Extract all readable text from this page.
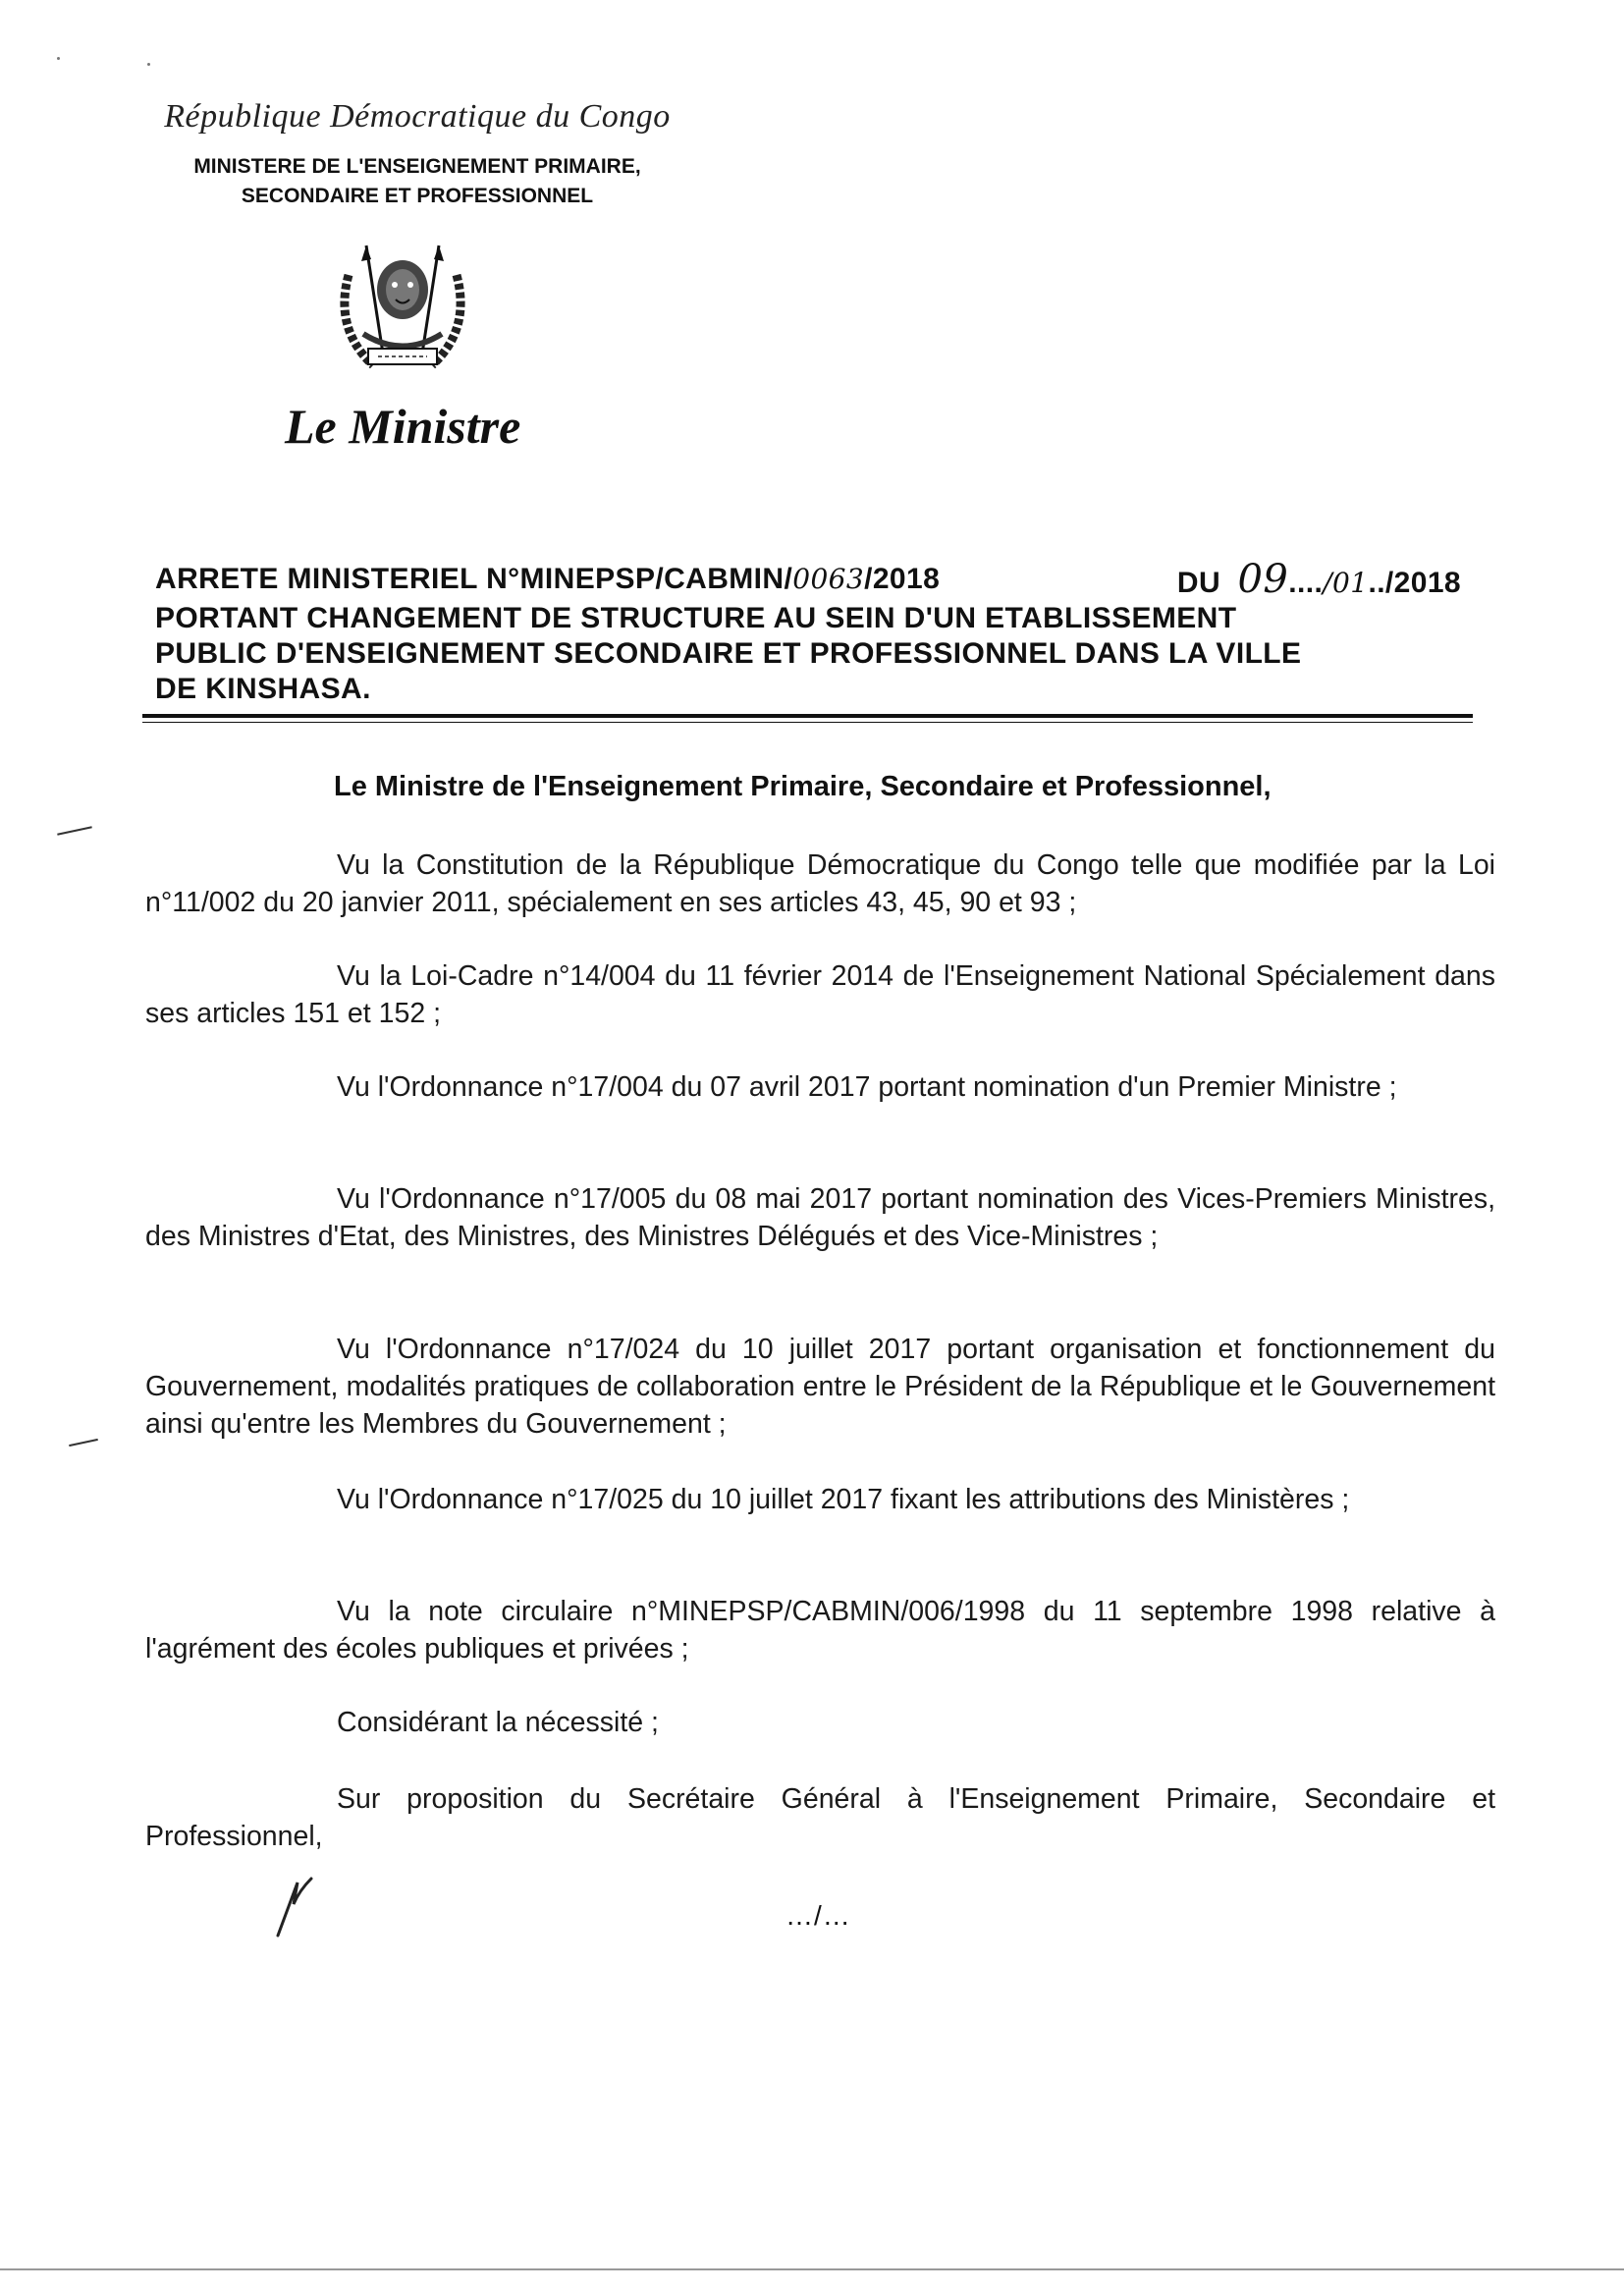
République Démocratique du Congo
MINISTERE DE L'ENSEIGNEMENT PRIMAIRE,
SECONDAIRE ET PROFESSIONNEL
Le Ministre
ARRETE MINISTERIEL N°MINEPSP/CABMIN/0063/2018	DU 09..../01../2018
PORTANT CHANGEMENT DE STRUCTURE AU SEIN D'UN ETABLISSEMENT
PUBLIC D'ENSEIGNEMENT SECONDAIRE ET PROFESSIONNEL DANS LA VILLE
DE KINSHASA.
Le Ministre de l'Enseignement Primaire, Secondaire et Professionnel,
Vu la Constitution de la République Démocratique du Congo telle que modifiée par la Loi n°11/002 du 20 janvier 2011, spécialement en ses articles 43, 45, 90 et 93 ;
Vu la Loi-Cadre n°14/004 du 11 février 2014 de l'Enseignement National Spécialement dans ses articles 151 et 152 ;
Vu l'Ordonnance n°17/004 du 07 avril 2017 portant nomination d'un Premier Ministre ;
Vu l'Ordonnance n°17/005 du 08 mai 2017 portant nomination des Vices-Premiers Ministres, des Ministres d'Etat, des Ministres, des Ministres Délégués et des Vice-Ministres ;
Vu l'Ordonnance n°17/024 du 10 juillet 2017 portant organisation et fonctionnement du Gouvernement, modalités pratiques de collaboration entre le Président de la République et le Gouvernement ainsi qu'entre les Membres du Gouvernement ;
Vu l'Ordonnance n°17/025 du 10 juillet 2017 fixant les attributions des Ministères ;
Vu la note circulaire n°MINEPSP/CABMIN/006/1998 du 11 septembre 1998 relative à l'agrément des écoles publiques et privées ;
Considérant la nécessité ;
Sur proposition du Secrétaire Général à l'Enseignement Primaire, Secondaire et Professionnel,
…/…
